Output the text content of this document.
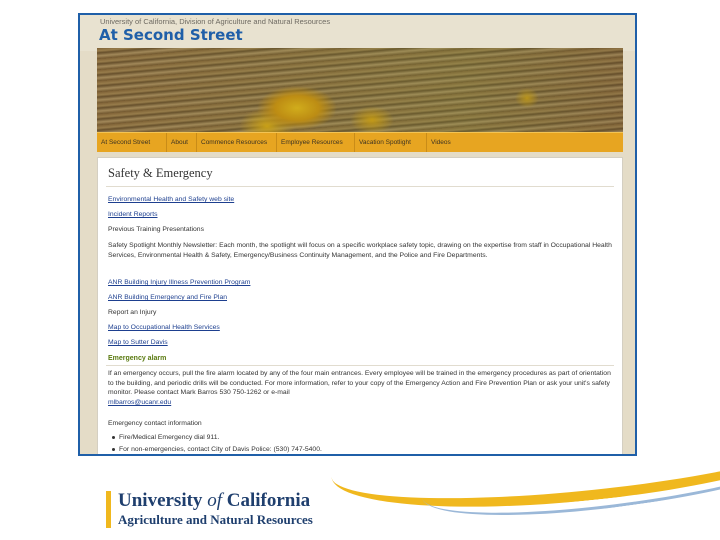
University of California, Division of Agriculture and Natural Resources
At Second Street
At Second Street	About	Commence Resources	Employee Resources	Vacation Spotlight	Videos
Safety & Emergency
Environmental Health and Safety web site
Incident Reports
Previous Training Presentations
Safety Spotlight Monthly Newsletter: Each month, the spotlight will focus on a specific workplace safety topic, drawing on the expertise from staff in Occupational Health Services, Environmental Health & Safety, Emergency/Business Continuity Management, and the Police and Fire Departments.
ANR Building Injury Illness Prevention Program
ANR Building Emergency and Fire Plan
Report an Injury
Map to Occupational Health Services
Map to Sutter Davis
Emergency alarm
If an emergency occurs, pull the fire alarm located by any of the four main entrances. Every employee will be trained in the emergency procedures as part of orientation to the building, and periodic drills will be conducted. For more information, refer to your copy of the Emergency Action and Fire Prevention Plan or ask your unit's safety monitor. Please contact Mark Barros 530 750-1262 or e-mail
mlbarros@ucanr.edu
Emergency contact information
Fire/Medical Emergency dial 911.
For non-emergencies, contact City of Davis Police: (530) 747-5400.
University of California
Agriculture and Natural Resources
